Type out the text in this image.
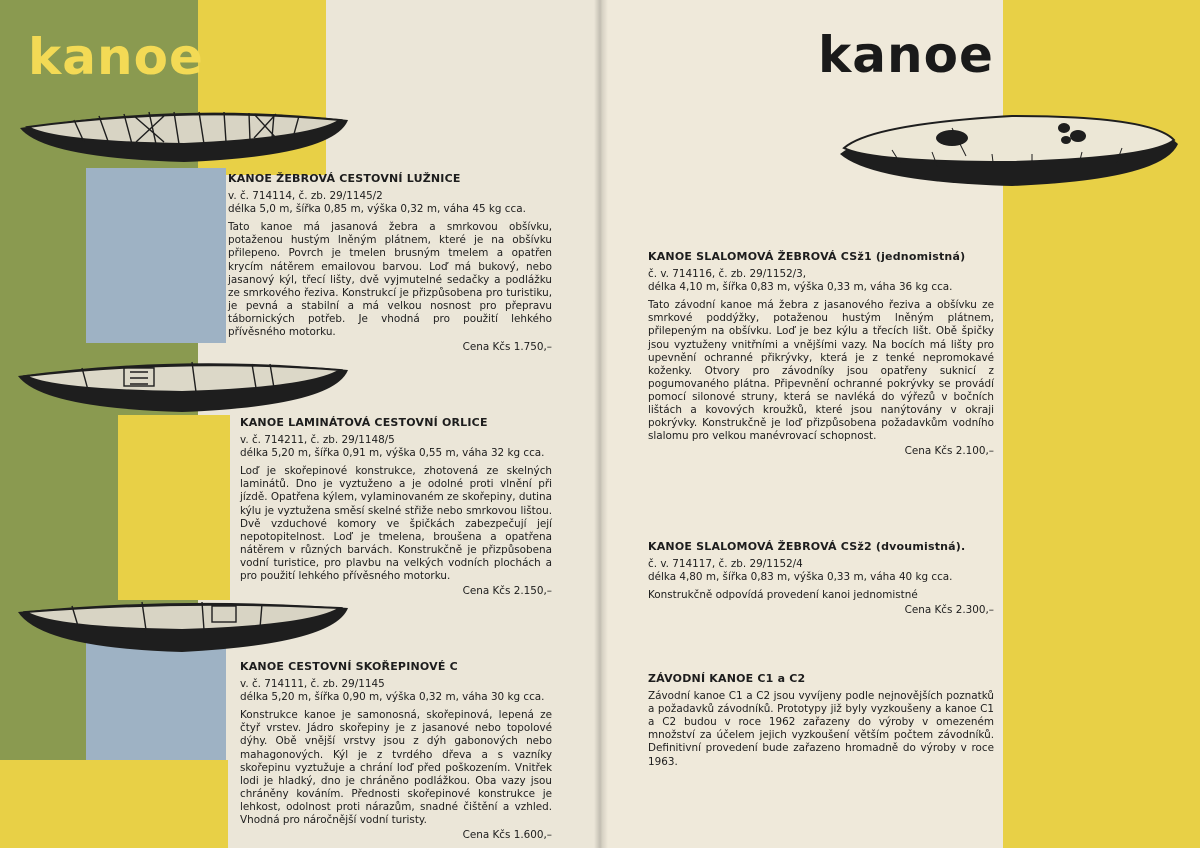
kanoe
KANOE ŽEBROVÁ CESTOVNÍ LUŽNICE
v. č. 714114, č. zb. 29/1145/2
délka 5,0 m, šířka 0,85 m, výška 0,32 m, váha 45 kg cca.

Tato kanoe má jasanová žebra a smrkovou obšívku, potaženou hustým lněným plátnem, které je na obšívku přilepeno. Povrch je tmelen brusným tmelem a opatřen krycím nátěrem emailovou barvou. Loď má bukový, nebo jasanový kýl, třecí lišty, dvě vyjmutelné sedačky a podlážku ze smrkového řeziva. Konstrukcí je přizpůsobena pro turistiku, je pevná a stabilní a má velkou nosnost pro přepravu tábornických potřeb. Je vhodná pro použití lehkého přívěsného motorku.

Cena Kčs 1.750,–
KANOE LAMINÁTOVÁ CESTOVNÍ ORLICE
v. č. 714211, č. zb. 29/1148/5
délka 5,20 m, šířka 0,91 m, výška 0,55 m, váha 32 kg cca.

Loď je skořepinové konstrukce, zhotovená ze skelných laminátů. Dno je vyztuženo a je odolné proti vlnění při jízdě. Opatřena kýlem, vylaminovaném ze skořepiny, dutina kýlu je vyztužena směsí skelné střiže nebo smrkovou lištou. Dvě vzduchové komory ve špičkách zabezpečují její nepotopitelnost. Loď je tmelena, broušena a opatřena nátěrem v různých barvách. Konstrukčně je přizpůsobena vodní turistice, pro plavbu na velkých vodních plochách a pro použití lehkého přívěsného motorku.

Cena Kčs 2.150,–
KANOE CESTOVNÍ SKOŘEPINOVÉ C
v. č. 714111, č. zb. 29/1145
délka 5,20 m, šířka 0,90 m, výška 0,32 m, váha 30 kg cca.

Konstrukce kanoe je samonosná, skořepinová, lepená ze čtyř vrstev. Jádro skořepiny je z jasanové nebo topolové dýhy. Obě vnější vrstvy jsou z dýh gabonových nebo mahagonových. Kýl je z tvrdého dřeva a s vazníky skořepinu vyztužuje a chrání loď před poškozením. Vnitřek lodi je hladký, dno je chráněno podlážkou. Oba vazy jsou chráněny kováním. Přednosti skořepinové konstrukce je lehkost, odolnost proti nárazům, snadné čištění a vzhled. Vhodná pro náročnější vodní turisty.

Cena Kčs 1.600,–
kanoe
KANOE SLALOMOVÁ ŽEBROVÁ CSž1 (jednomistná)
č. v. 714116, č. zb. 29/1152/3,
délka 4,10 m, šířka 0,83 m, výška 0,33 m, váha 36 kg cca.

Tato závodní kanoe má žebra z jasanového řeziva a obšívku ze smrkové poddýžky, potaženou hustým lněným plátnem, přilepeným na obšívku. Loď je bez kýlu a třecích lišt. Obě špičky jsou vyztuženy vnitřními a vnějšími vazy. Na bocích má lišty pro upevnění ochranné přikrývky, která je z tenké nepromokavé koženky. Otvory pro závodníky jsou opatřeny suknicí z pogumovaného plátna. Připevnění ochranné pokrývky se provádí pomocí silonové struny, která se navléká do výřezů v bočních lištách a kovových kroužků, které jsou nanýtovány v okraji pokrývky. Konstrukčně je loď přizpůsobena požadavkům vodního slalomu pro velkou manévrovací schopnost.

Cena Kčs 2.100,–
KANOE SLALOMOVÁ ŽEBROVÁ CSž2 (dvoumistná).
č. v. 714117, č. zb. 29/1152/4
délka 4,80 m, šířka 0,83 m, výška 0,33 m, váha 40 kg cca.

Konstrukčně odpovídá provedení kanoi jednomistné

Cena Kčs 2.300,–
ZÁVODNÍ KANOE C1 a C2

Závodní kanoe C1 a C2 jsou vyvíjeny podle nejnovějších poznatků a požadavků závodníků. Prototypy již byly vyzkoušeny a kanoe C1 a C2 budou v roce 1962 zařazeny do výroby v omezeném množství za účelem jejich vyzkoušení větším počtem závodníků. Definitivní provedení bude zařazeno hromadně do výroby v roce 1963.
